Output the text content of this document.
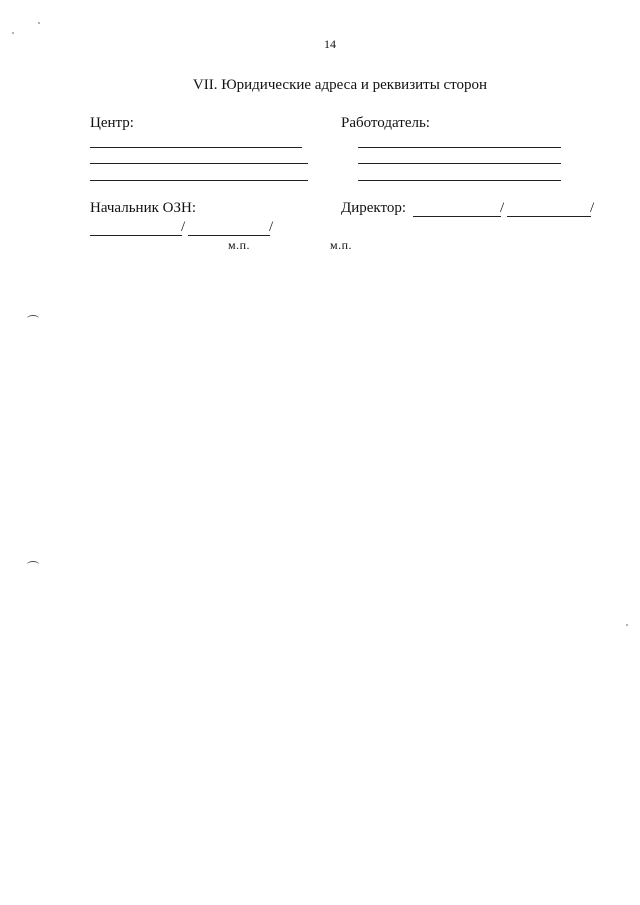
14
VII. Юридические адреса и реквизиты сторон
Центр:
Начальник ОЗН:
/	/
м.п.
Работодатель:
Директор:	/	/
м.п.
